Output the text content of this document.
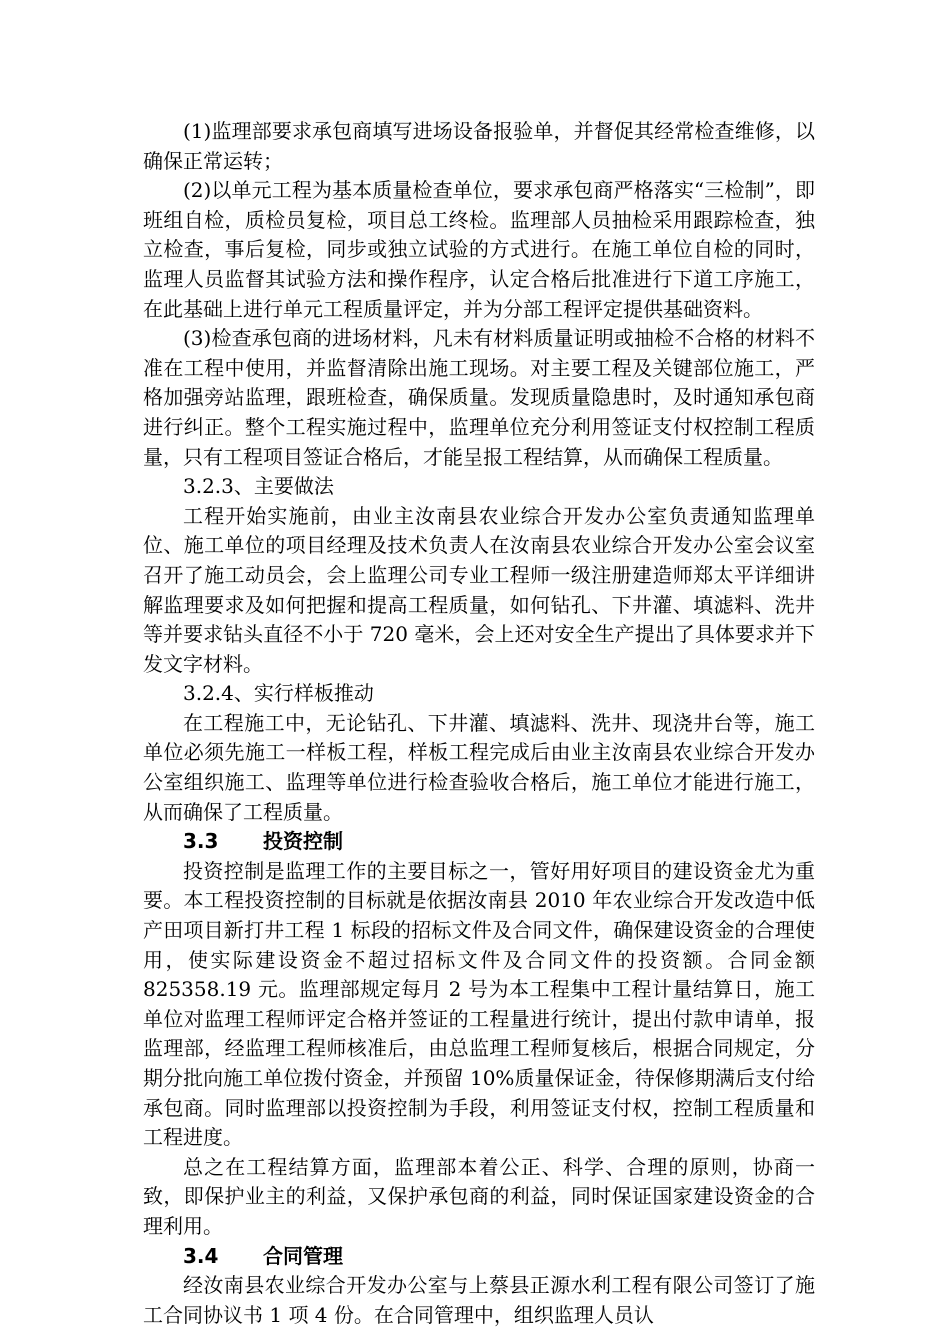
(1)监理部要求承包商填写进场设备报验单，并督促其经常检查维修，以确保正常运转；

(2)以单元工程为基本质量检查单位，要求承包商严格落实“三检制”，即班组自检，质检员复检，项目总工终检。监理部人员抽检采用跟踪检查，独立检查，事后复检，同步或独立试验的方式进行。在施工单位自检的同时，监理人员监督其试验方法和操作程序，认定合格后批准进行下道工序施工，在此基础上进行单元工程质量评定，并为分部工程评定提供基础资料。

(3)检查承包商的进场材料，凡未有材料质量证明或抽检不合格的材料不准在工程中使用，并监督清除出施工现场。对主要工程及关键部位施工，严格加强旁站监理，跟班检查，确保质量。发现质量隐患时，及时通知承包商进行纠正。整个工程实施过程中，监理单位充分利用签证支付权控制工程质量，只有工程项目签证合格后，才能呈报工程结算，从而确保工程质量。

3.2.3、主要做法

工程开始实施前，由业主汝南县农业综合开发办公室负责通知监理单位、施工单位的项目经理及技术负责人在汝南县农业综合开发办公室会议室召开了施工动员会，会上监理公司专业工程师一级注册建造师郑太平详细讲解监理要求及如何把握和提高工程质量，如何钻孔、下井灌、填滤料、洗井等并要求钻头直径不小于 720 毫米，会上还对安全生产提出了具体要求并下发文字材料。

3.2.4、实行样板推动

在工程施工中，无论钻孔、下井灌、填滤料、洗井、现浇井台等，施工单位必须先施工一样板工程，样板工程完成后由业主汝南县农业综合开发办公室组织施工、监理等单位进行检查验收合格后，施工单位才能进行施工，从而确保了工程质量。

3.3 投资控制

投资控制是监理工作的主要目标之一，管好用好项目的建设资金尤为重要。本工程投资控制的目标就是依据汝南县 2010 年农业综合开发改造中低产田项目新打井工程 1 标段的招标文件及合同文件，确保建设资金的合理使用，使实际建设资金不超过招标文件及合同文件的投资额。合同金额 825358.19 元。监理部规定每月 2 号为本工程集中工程计量结算日，施工单位对监理工程师评定合格并签证的工程量进行统计，提出付款申请单，报监理部，经监理工程师核准后，由总监理工程师复核后，根据合同规定，分期分批向施工单位拨付资金，并预留 10%质量保证金，待保修期满后支付给承包商。同时监理部以投资控制为手段，利用签证支付权，控制工程质量和工程进度。

总之在工程结算方面，监理部本着公正、科学、合理的原则，协商一致，即保护业主的利益，又保护承包商的利益，同时保证国家建设资金的合理利用。

3.4 合同管理

经汝南县农业综合开发办公室与上蔡县正源水利工程有限公司签订了施工合同协议书 1 项 4 份。在合同管理中，组织监理人员认
